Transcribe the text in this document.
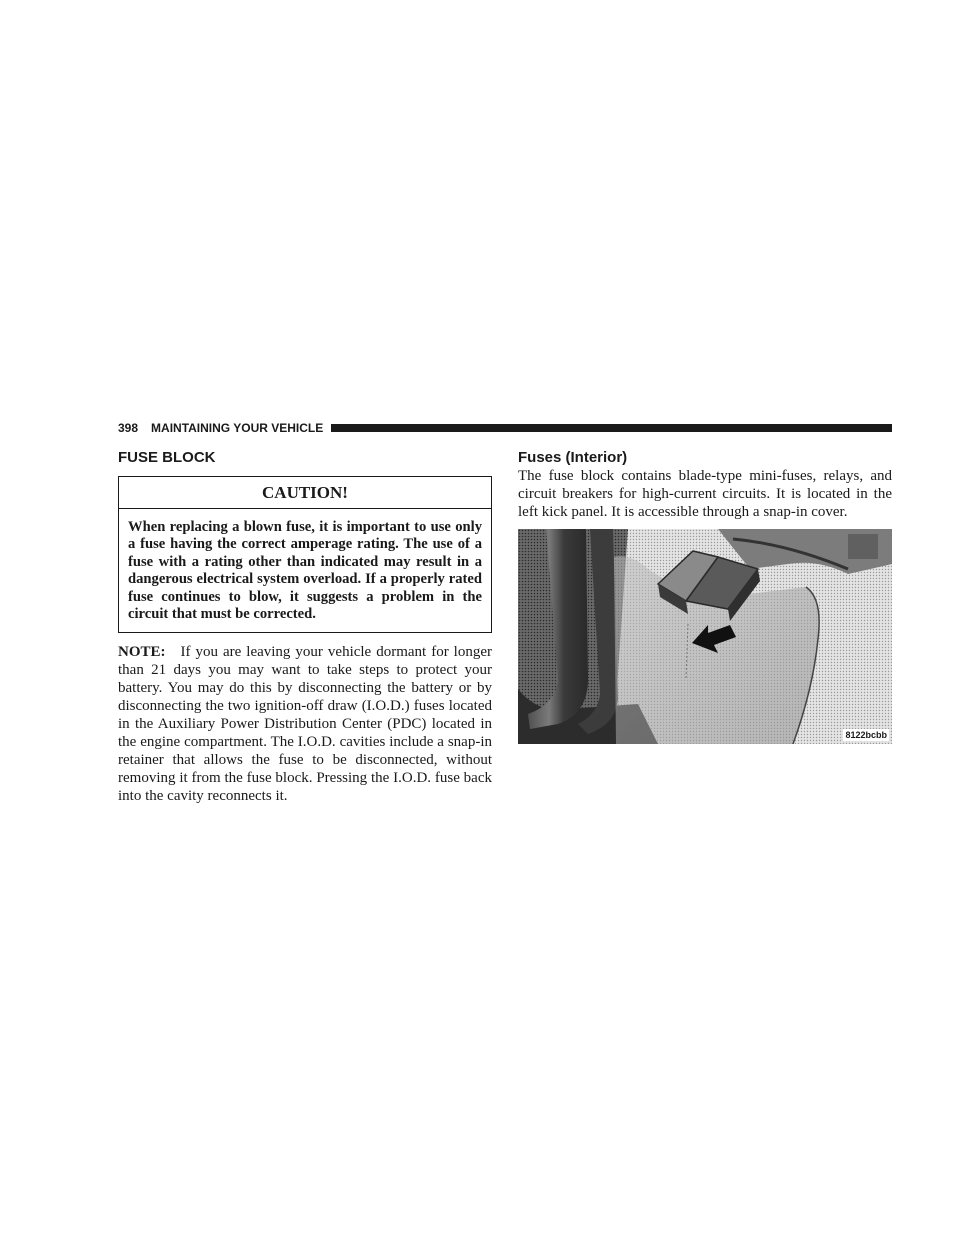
398 MAINTAINING YOUR VEHICLE
FUSE BLOCK
CAUTION!
When replacing a blown fuse, it is important to use only a fuse having the correct amperage rating. The use of a fuse with a rating other than indicated may result in a dangerous electrical system overload. If a properly rated fuse continues to blow, it suggests a problem in the circuit that must be corrected.

NOTE: If you are leaving your vehicle dormant for longer than 21 days you may want to take steps to protect your battery. You may do this by disconnecting the battery or by disconnecting the two ignition-off draw (I.O.D.) fuses located in the Auxiliary Power Distribution Center (PDC) located in the engine compartment. The I.O.D. cavities include a snap-in retainer that allows the fuse to be disconnected, without removing it from the fuse block. Pressing the I.O.D. fuse back into the cavity reconnects it.

Fuses (Interior)

The fuse block contains blade-type mini-fuses, relays, and circuit breakers for high-current circuits. It is located in the left kick panel. It is accessible through a snap-in cover.

8122bcbb
